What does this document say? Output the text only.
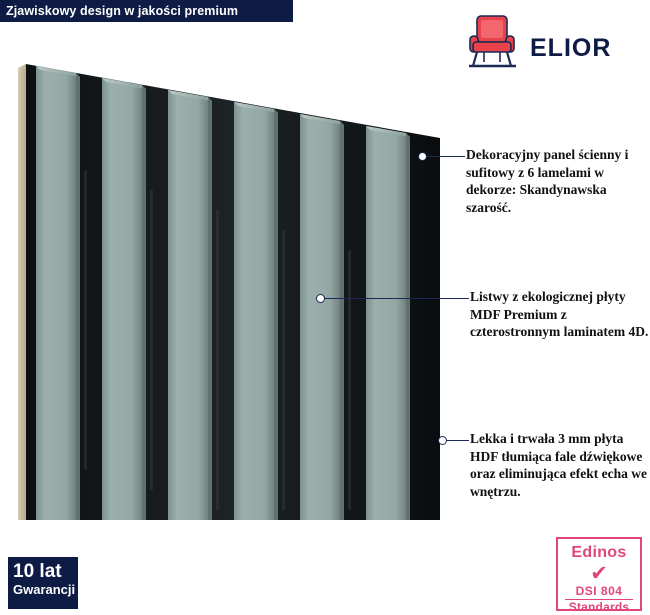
Zjawiskowy design w jakości premium
ELIOR
Dekoracyjny panel ścienny i sufitowy z 6 lamelami w dekorze: Skandynawska szarość.
Listwy z ekologicznej płyty MDF Premium z czterostronnym laminatem 4D.
Lekka i trwała 3 mm płyta HDF tłumiąca fale dźwiękowe oraz eliminująca efekt echa we wnętrzu.
10 lat
Gwarancji
Edinos
✔
DSI 804
Standards
